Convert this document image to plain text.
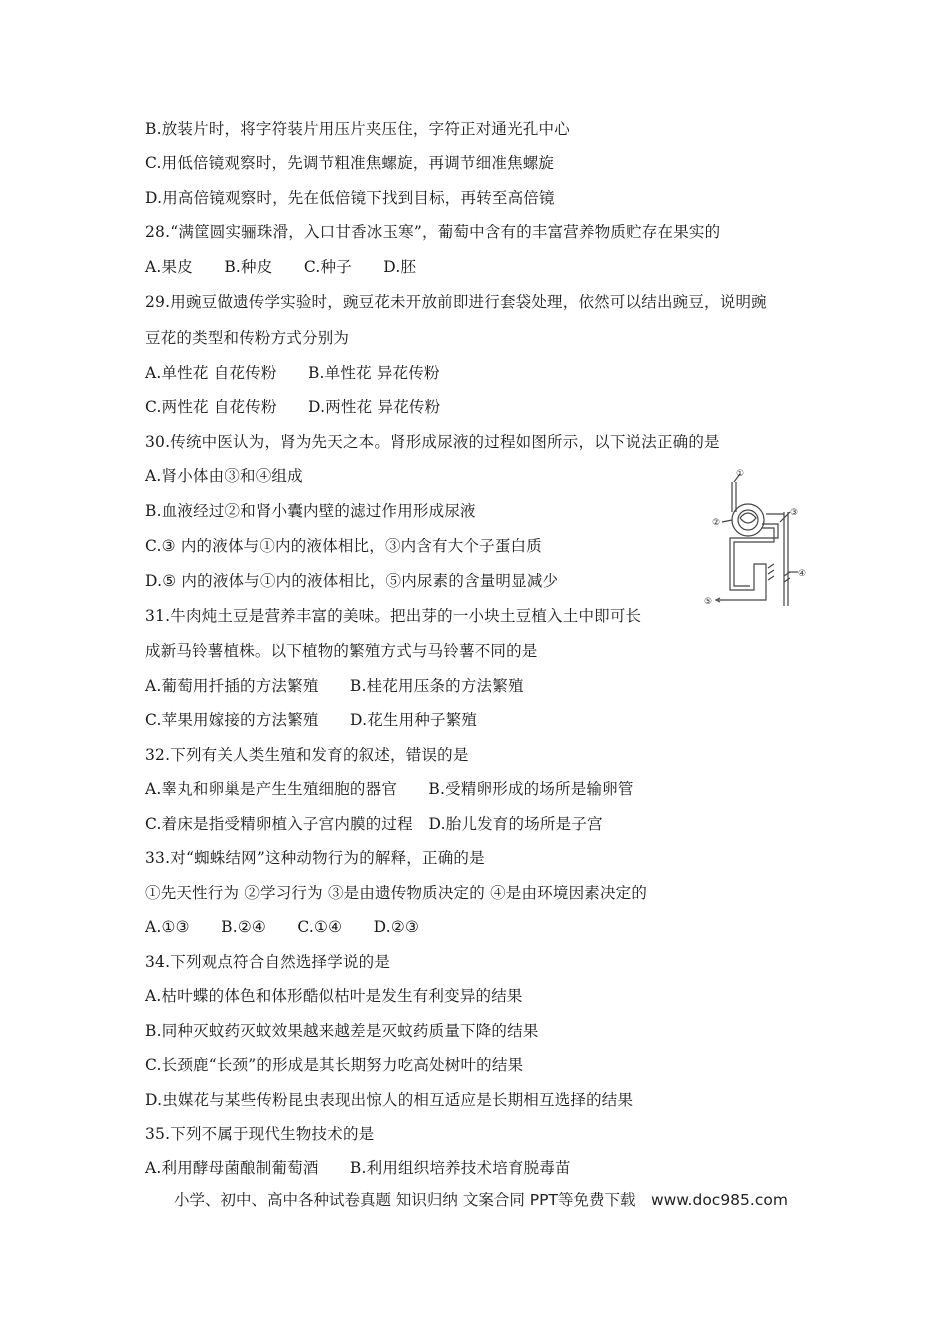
B.放装片时，将字符装片用压片夹压住，字符正对通光孔中心
C.用低倍镜观察时，先调节粗准焦螺旋，再调节细准焦螺旋
D.用高倍镜观察时，先在低倍镜下找到目标，再转至高倍镜
28.“满筐圆实骊珠滑，入口甘香冰玉寒”，葡萄中含有的丰富营养物质贮存在果实的
A.果皮　　B.种皮　　C.种子　　D.胚
29.用豌豆做遗传学实验时，豌豆花未开放前即进行套袋处理，依然可以结出豌豆，说明豌
豆花的类型和传粉方式分别为
A.单性花 自花传粉　　B.单性花 异花传粉
C.两性花 自花传粉　　D.两性花 异花传粉
30.传统中医认为，肾为先天之本。肾形成尿液的过程如图所示，以下说法正确的是
A.肾小体由③和④组成
B.血液经过②和肾小囊内壁的滤过作用形成尿液
C.③ 内的液体与①内的液体相比，③内含有大个子蛋白质
D.⑤ 内的液体与①内的液体相比，⑤内尿素的含量明显减少
31.牛肉炖土豆是营养丰富的美味。把出芽的一小块土豆植入土中即可长
成新马铃薯植株。以下植物的繁殖方式与马铃薯不同的是
A.葡萄用扦插的方法繁殖　　B.桂花用压条的方法繁殖
C.苹果用嫁接的方法繁殖　　D.花生用种子繁殖
32.下列有关人类生殖和发育的叙述，错误的是
A.睾丸和卵巢是产生生殖细胞的器官　　B.受精卵形成的场所是输卵管
C.着床是指受精卵植入子宫内膜的过程　D.胎儿发育的场所是子宫
33.对“蜘蛛结网”这种动物行为的解释，正确的是
①先天性行为 ②学习行为 ③是由遗传物质决定的 ④是由环境因素决定的
A.①③　　B.②④　　C.①④　　D.②③
34.下列观点符合自然选择学说的是
A.枯叶蝶的体色和体形酷似枯叶是发生有利变异的结果
B.同种灭蚊药灭蚊效果越来越差是灭蚊药质量下降的结果
C.长颈鹿“长颈”的形成是其长期努力吃高处树叶的结果
D.虫媒花与某些传粉昆虫表现出惊人的相互适应是长期相互选择的结果
35.下列不属于现代生物技术的是
A.利用酵母菌酿制葡萄酒　　B.利用组织培养技术培育脱毒苗
①
②
③
④
⑤
小学、初中、高中各种试卷真题 知识归纳 文案合同 PPT等免费下载　www.doc985.com
